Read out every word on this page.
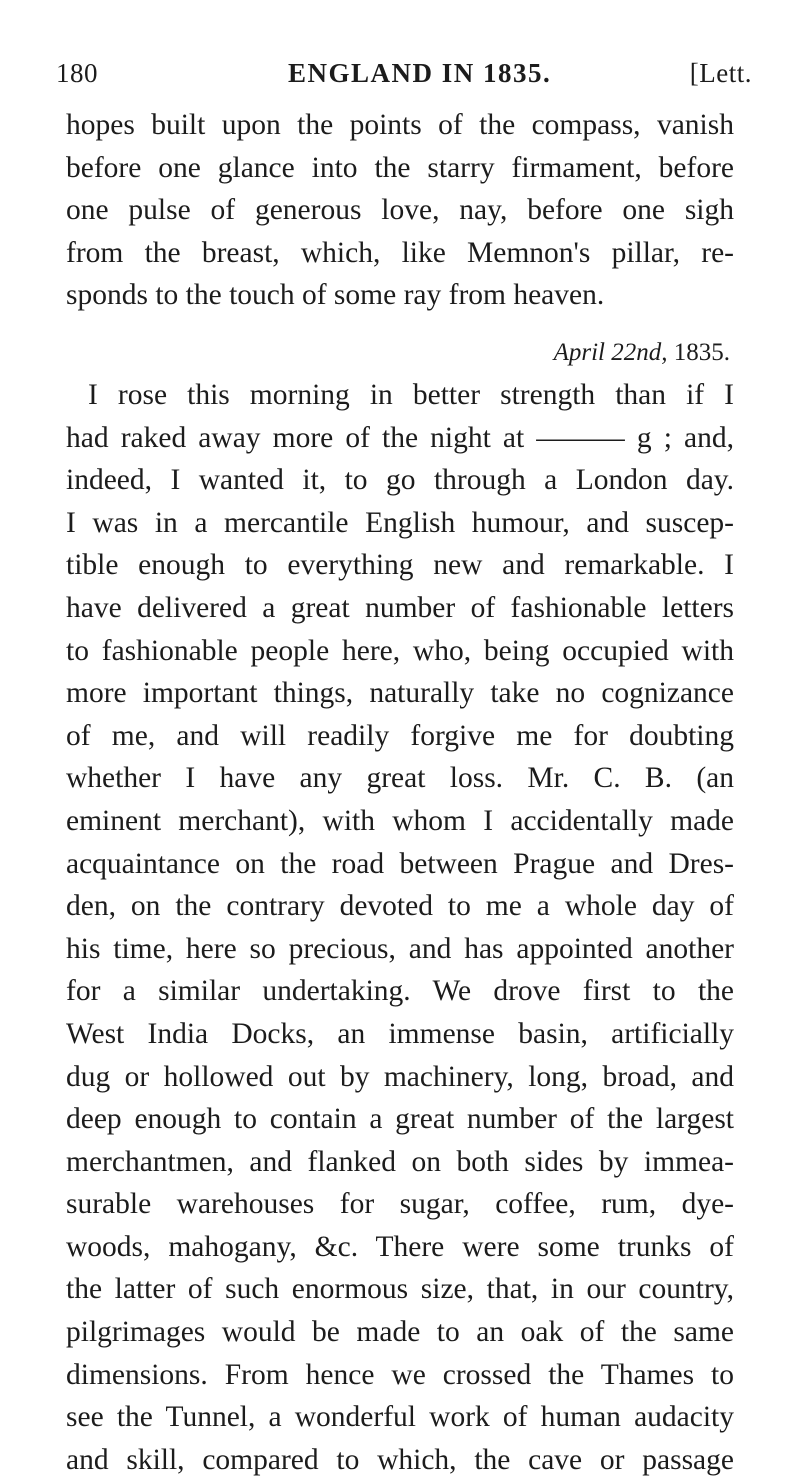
180	ENGLAND IN 1835.	[Lett.
hopes built upon the points of the compass, vanish
before one glance into the starry firmament, before
one pulse of generous love, nay, before one sigh
from the breast, which, like Memnon's pillar, re-
sponds to the touch of some ray from heaven.
April 22nd, 1835.
I rose this morning in better strength than if I
had raked away more of the night at ——— g ; and,
indeed, I wanted it, to go through a London day.
I was in a mercantile English humour, and suscep-
tible enough to everything new and remarkable. I
have delivered a great number of fashionable letters
to fashionable people here, who, being occupied with
more important things, naturally take no cognizance
of me, and will readily forgive me for doubting
whether I have any great loss. Mr. C. B. (an
eminent merchant), with whom I accidentally made
acquaintance on the road between Prague and Dres-
den, on the contrary devoted to me a whole day of
his time, here so precious, and has appointed another
for a similar undertaking. We drove first to the
West India Docks, an immense basin, artificially
dug or hollowed out by machinery, long, broad, and
deep enough to contain a great number of the largest
merchantmen, and flanked on both sides by immea-
surable warehouses for sugar, coffee, rum, dye-
woods, mahogany, &c. There were some trunks of
the latter of such enormous size, that, in our country,
pilgrimages would be made to an oak of the same
dimensions. From hence we crossed the Thames to
see the Tunnel, a wonderful work of human audacity
and skill, compared to which, the cave or passage
